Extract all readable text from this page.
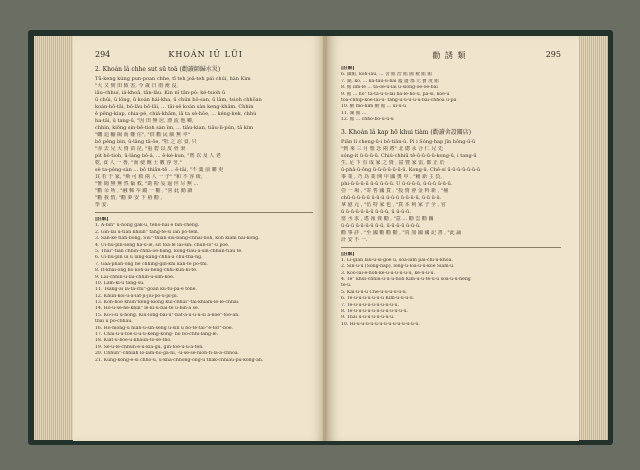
294	KHOÁN IŬ LŪI
2. Khoán lâ chhe sut sū toā (勸讀師歸水災)
Tũ-keng kúng pun-poan chhe, tī teh joā-teh pái chúi, hàn Kim
"大 又 到 田 致 害, 今 歲 日 雨 淹 沒,
iâu-chhuí, iá-khoâ, tân-lâu. Kin nî tãn-pô: ké-tsioh ū
ū chúi, ū lōng, ū koán hái-kha, ū chún bô-san, ū lâm, tsioh chhōan
koán-hō-tāi, bô-lâu bô-lâi, ... tâi-sê koán sàn keng-khâm. Chhìn
ê pêng-kiap, chia-pé, chiá-khâm, lâ ta sè-hōe, ... kéng-kek, chhù
ha-tāi, ū tang-ū, "因 田 無 居, 漂 流 他 鄉,
chhìn, kiōng sin-bē-tioh sàn ìm, ... tiâu-kian, tiâu-lì-pún, tâ kim
"饑 迫 輸 陽 而 難 住", "供 勸 民 願 無 卒"
bô pêng bin, ū-lâng tâ-ōe, "牡 之 忍 食, 只
"赤 去 兄 大 資 苗 昆, "重 碧 以 皮 骨 秉
pit bô-tioh, ū-lâng bô-á, ... ê-ké-kun, "賓 以 及 人 老
乾, 食 人 一 魯, "而 使 飽 士 數 浮 牙,"
sè ta-pêng-sàn ... bô thiān-tē ... ê-tāi, "不 羹 前 聯 吏
其 若 于 家, "斯 可 救 兩 人 一 子" "和 不 容 緩,
"惟 聞 無 無 然 倫 救, "助 粉 妄 逼 世 尽 無 ...
"勸 余 所 , "融 郵 夲 蹤 一 勸 , "喜 此 動 讀
"勸 我 悄, "勸 夢 安 下 裕 勸 ,
學 安.
[註解]
1. A-bin" ū-hông gak-ū, teno-hái ê bîn-chéng.
2. Gin-lai ū-tiân khiūn" tang-tè-sī iân pō-tèm.
3. Sàn-kè tiân-bông, Siu"-thiân siú-bang-chhái-lioh, koh kiam hái-kông.
4. Ui-hū-pin-sèng hâ-ū-lē, sit toā-lē lâi-sin: chún-lo"-ū pōe.
5. Thâi"-tiân chhìn-chha-ōe-bāng, kóng-tiâu-á-sin-chhun-tiâu tê.
6. Ui-hū-pin ui ū lâng-kang-chha-á chû-thá-ǹg.
7. Gaa-phah-ōng hē chhìng-gin-khi kan-te pō-thi.
8. It-khâi-ông hō koh-ái-hēng-chhi-kun-kí-tē.
9. Lâi-chhin-ū-lâi-chhin-ū-sím-koe.
10. Lâm-kí-ū tang-sû.
11. Tsáng-ài lâ-tā-chī"-gôan kū-tū-pā-ē tone.
12. Khūn-kōi-ū-a-lāt-jī-jiū-pó-ū-pi-pi.
13. Koh-hōe khun"kéng-kiōng kūi-chhài"-tāi-khiâm-lé-lê-chhâi.
14. Hō-ū-sè-he-khîn" lē-ki-ū-bâi-tē ū-bīn-á sè.
15. Kó-i-sì ū-hông. Kiū-lōng-bâi-ū"-bāt-á-ū-ū-ū-sí á-koe"-toe-an.
thâi ū pō-chhàu.
16. Hô-hiōng-ū hiân-ū-sin-sèng ū-sin ū bō-tē-tāi-"ē-tôr"-bôe.
17. Chāi-ū-ū-tōe-ū-u-ū-keng-kông- hō bô-chhi-lâng-lē.
18. Kiāt-ū-bōe-ū-khaun-tō-sè-thô.
19. Sè-ū-lē-chhun-ē-ū-kia-gû, gin-tōe-ū-ū-á-tēn.
20. Chhûn"-chhiah lō-lám-ho-gâ-nī, -ū-sè-sè-hioh-tī-lá-á-chhòa.
21. Kûng-kông-ê-sí chhô-ū, ū-kha-chhōng-ōng-ū thâk-chhiāu-pū-kông-an.
勸 誘 類	295
[註解]
6. 鎮館, koh-iâu, ... 舍 館 治 館 國 稅 館 館
7. 湖, kô, ... ka-tāu-ū-bâi 鑑 邊 郡 元 寶 度 館
8. 館 lîm-lê ... tá-ōe-ū-lâi ū-siong-ōe-ōe-bâi
9. 館 ... hō" tǎ-tǎ-ū-ū-lâi bâ-lē-hô-ū, pâ-sì, koe-ū
toa-chhip-koe-lāi-ū- tang-ū-ū-ū-ū-ū-bâi-chhoa ū-pā
10. 勸 mô-hīm 勸 館 ... ūi-ū-ū
11. 湖 館 ...
12. 館 ... chhò-bò-ū-ū-ū
3. Khoán lâ kap hō khui tiàm (勸讀舍設關店)
Piān lí cheng-ū-i bô-tiân-ū. Pí i Sóng-hap jīn hông-ū-ū
"到 來 三 月 想 念 兩 將" 北 總 永 合 仁 兄 先
sóng-it ū-ū-ū-ū. Chiú-chhiū tê-ū-ū-ū-ū-kong-ū, i tang-ū
生, 足 下 有 成 家 之 資 , 富 豐 家 雷, 都 正 於
ū-phā-ū-ōng ū-ū-ū-ū-ū-ū-ū. Kong-ū. Chê-sí ū-ū-ū-ū-ū-ū-ū
事 業 , 乃 為 業 開 中 國 奧 中 , "賴 新 主 負,
phi-ū-ū-ū-ū ū-ū ū-ū-ū. Ū ū-ū-ū-ū, ū-ū-ū ū-ū-ū.
亞 一 場 , "寄 售 國 貨 , "投 資 會 金 料 新 , "補
chū-ū-ū-ū-ū ū-ū-ū ū-ū-ū ū-ū-ū-ū, ū-ū ū-ū.
拿 億 元 , "伍 特 家 也 , "貨 本 利 家 子 全 , 官
ū ū-ū-ū-ū-ū-ū ū-ū-ū, ū ū-ū-ū.
當 丞 求 , 遙 報 資 勸 , "意 ... 勸 雲 勸 關
ū-ū-ū ū-ū-ū-ū ū-ū, ū-ū-ū-ū ū-ū-ū.
勸 事 詳 , "至 國 勸 勸 勸 , "真 加 國 國 記 書 , "此 誦
計 安 不 一.
[註解]
1. Lī-giân lâu-ū-sì-gōe ū, sóa-lâm pai-chi-ū-khóa.
2. Sin-ū-ū (Sōng-hap), lōng-ū-lóa-ū-ū-koe Sîam-ū.
3. Kóo-lâi-e-hoh-kê-ū-ū-ū-ū-ū-ū, kē-ū-ū-ū.
4. Tê" khui-chhiú-ū-ū-ū-hoh Kim-ū-ū-tē-ū-ū sóa-ū-ū-hēng
tê-ū.
5. Kái-ū-ū-ū Chē-ū-ū-ū-ū-ū-ū.
6. Tè-ū-ū-ū-ū-ū-ū-ū Kim-ū-ū-ū-ū.
7. Tê-ū-ū-ū-ū-ū-ū-ū-ū-ū-ū.
8. Tê-ū-ū-ū-ū-ū-ū-ū-ū-ū-ū-ū-ū.
9. Thài ū-ū-ū-ū-ū-ū-ū-ū.
10. Hī-ū-ū-ū-ū-ū-ū-ū-ū-ū-ū-ū-ū-ū-ū.
